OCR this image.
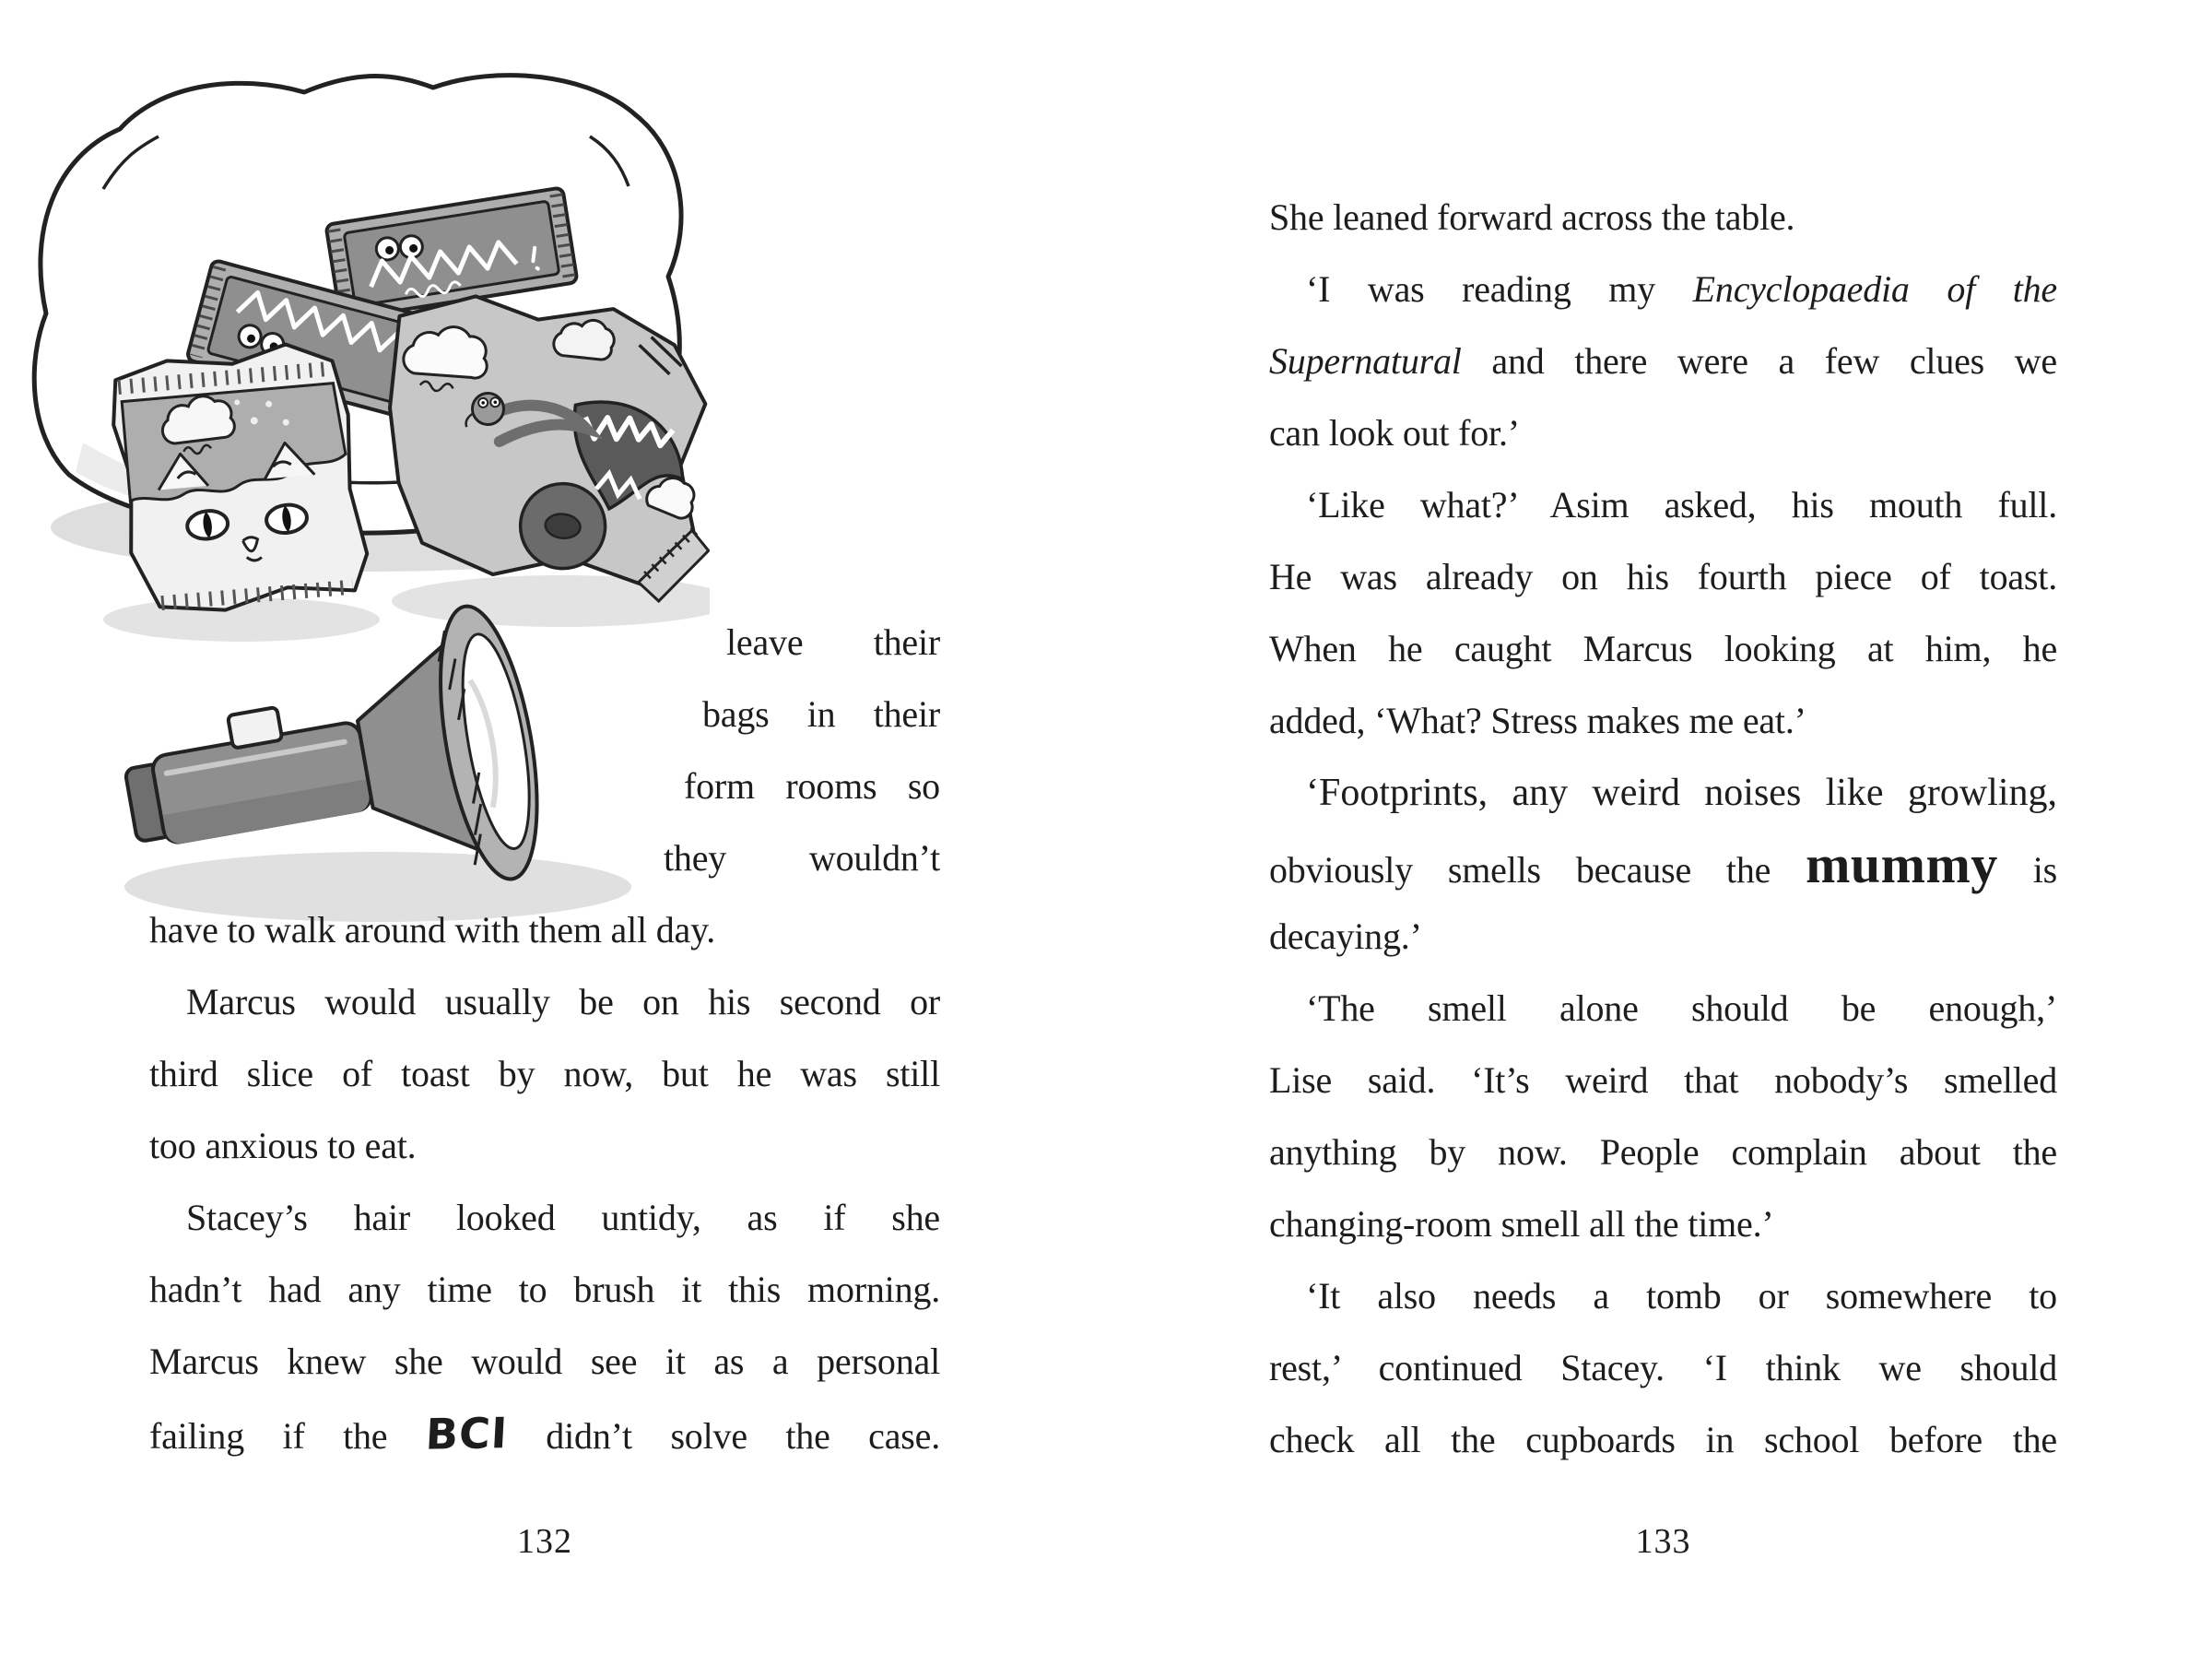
leave their
bags in their
form rooms so
they wouldn’t
have to walk around with them all day.
Marcus would usually be on his second or
third slice of toast by now, but he was still
too anxious to eat.
Stacey’s hair looked untidy, as if she
hadn’t had any time to brush it this morning.
Marcus knew she would see it as a personal
failing if the BCI didn’t solve the case.
132
She leaned forward across the table.
‘I was reading my Encyclopaedia of the
Supernatural and there were a few clues we
can look out for.’
‘Like what?’ Asim asked, his mouth full.
He was already on his fourth piece of toast.
When he caught Marcus looking at him, he
added, ‘What? Stress makes me eat.’
‘Footprints, any weird noises like growling,
obviously smells because the mummy is
decaying.’
‘The smell alone should be enough,’
Lise said. ‘It’s weird that nobody’s smelled
anything by now. People complain about the
changing-room smell all the time.’
‘It also needs a tomb or somewhere to
rest,’ continued Stacey. ‘I think we should
check all the cupboards in school before the
133
